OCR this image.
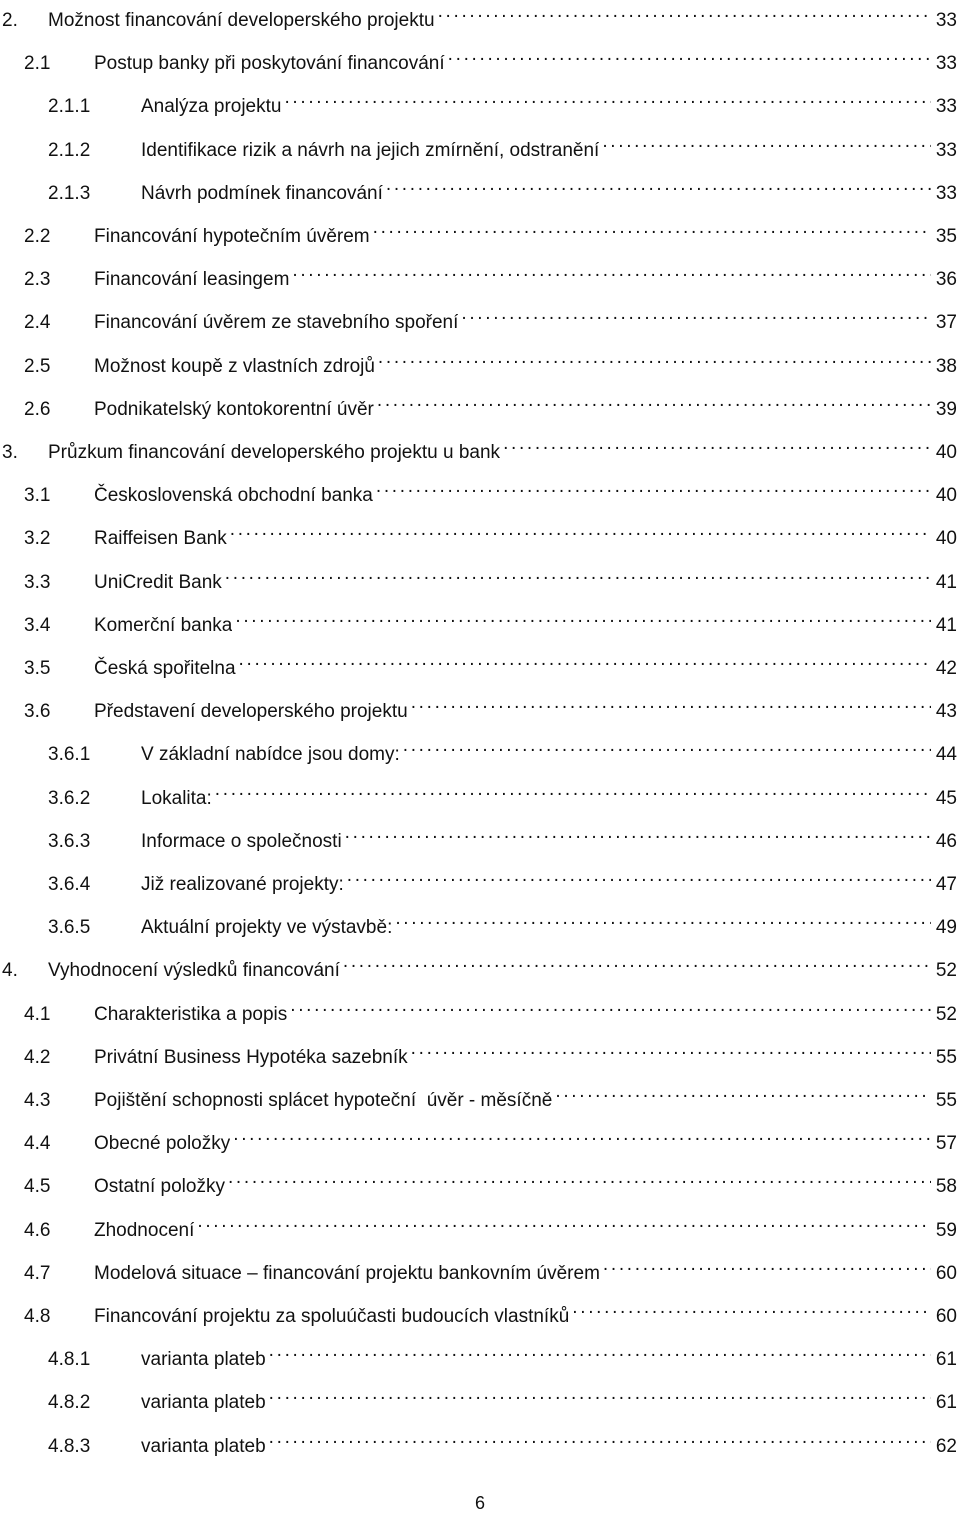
2.	Možnost financování developerského projektu . . .	33
2.1	Postup banky při poskytování financování . . .	33
2.1.1	Analýza projektu . . .	33
2.1.2	Identifikace rizik a návrh na jejich zmírnění, odstranění . . .	33
2.1.3	Návrh podmínek financování . . .	33
2.2	Financování hypotečním úvěrem . . .	35
2.3	Financování leasingem . . .	36
2.4	Financování úvěrem ze stavebního spoření . . .	37
2.5	Možnost koupě z vlastních zdrojů . . .	38
2.6	Podnikatelský kontokorentní úvěr . . .	39
3.	Průzkum financování developerského projektu u bank . . .	40
3.1	Československá obchodní banka . . .	40
3.2	Raiffeisen Bank . . .	40
3.3	UniCredit Bank . . .	41
3.4	Komerční banka . . .	41
3.5	Česká spořitelna . . .	42
3.6	Představení developerského projektu . . .	43
3.6.1	V základní nabídce jsou domy: . . .	44
3.6.2	Lokalita: . . .	45
3.6.3	Informace o společnosti . . .	46
3.6.4	Již realizované projekty: . . .	47
3.6.5	Aktuální projekty ve výstavbě: . . .	49
4.	Vyhodnocení výsledků financování . . .	52
4.1	Charakteristika a popis . . .	52
4.2	Privátní Business Hypotéka sazebník . . .	55
4.3	Pojištění schopnosti splácet hypoteční  úvěr - měsíčně . . .	55
4.4	Obecné položky . . .	57
4.5	Ostatní položky . . .	58
4.6	Zhodnocení . . .	59
4.7	Modelová situace – financování projektu bankovním úvěrem . . .	60
4.8	Financování projektu za spoluúčasti budoucích vlastníků . . .	60
4.8.1	varianta plateb . . .	61
4.8.2	varianta plateb . . .	61
4.8.3	varianta plateb . . .	62
6
